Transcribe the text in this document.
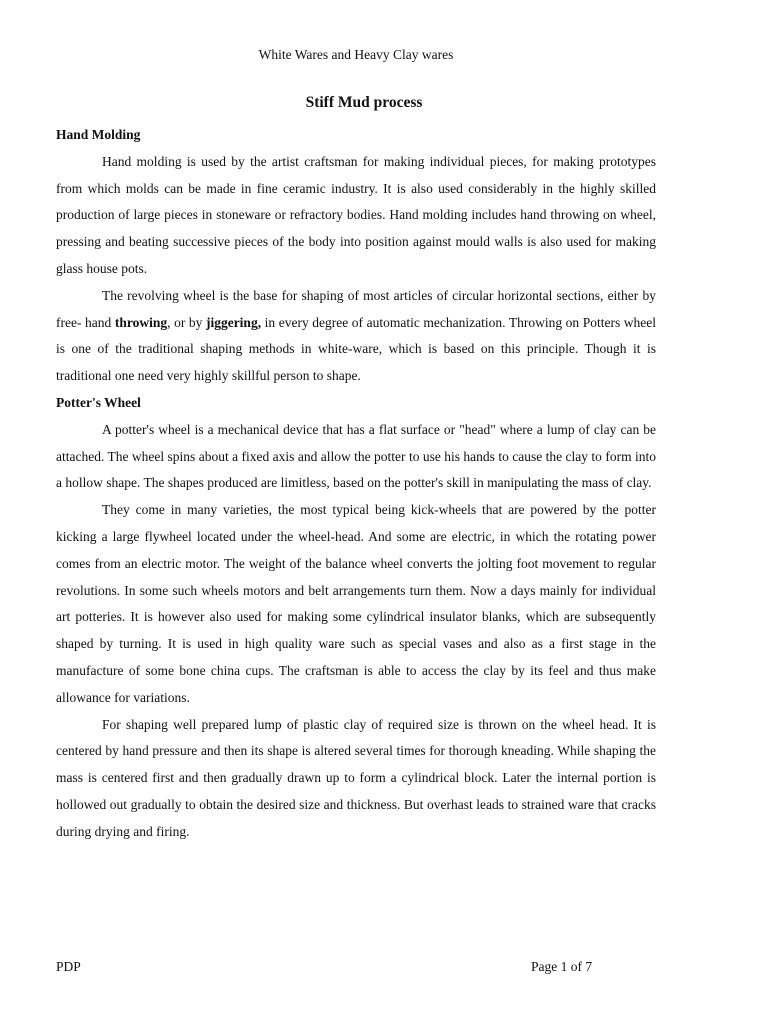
White Wares and Heavy Clay wares
Stiff Mud process
Hand Molding

Hand molding is used by the artist craftsman for making individual pieces, for making prototypes from which molds can be made in fine ceramic industry. It is also used considerably in the highly skilled production of large pieces in stoneware or refractory bodies. Hand molding includes hand throwing on wheel, pressing and beating successive pieces of the body into position against mould walls is also used for making glass house pots.

The revolving wheel is the base for shaping of most articles of circular horizontal sections, either by free- hand throwing, or by jiggering, in every degree of automatic mechanization. Throwing on Potters wheel is one of the traditional shaping methods in white-ware, which is based on this principle. Though it is traditional one need very highly skillful person to shape.

Potter's Wheel

A potter's wheel is a mechanical device that has a flat surface or "head" where a lump of clay can be attached. The wheel spins about a fixed axis and allow the potter to use his hands to cause the clay to form into a hollow shape. The shapes produced are limitless, based on the potter's skill in manipulating the mass of clay.

They come in many varieties, the most typical being kick-wheels that are powered by the potter kicking a large flywheel located under the wheel-head. And some are electric, in which the rotating power comes from an electric motor. The weight of the balance wheel converts the jolting foot movement to regular revolutions. In some such wheels motors and belt arrangements turn them. Now a days mainly for individual art potteries. It is however also used for making some cylindrical insulator blanks, which are subsequently shaped by turning. It is used in high quality ware such as special vases and also as a first stage in the manufacture of some bone china cups. The craftsman is able to access the clay by its feel and thus make allowance for variations.

For shaping well prepared lump of plastic clay of required size is thrown on the wheel head. It is centered by hand pressure and then its shape is altered several times for thorough kneading. While shaping the mass is centered first and then gradually drawn up to form a cylindrical block. Later the internal portion is hollowed out gradually to obtain the desired size and thickness. But overhast leads to strained ware that cracks during drying and firing.

PDP	Page 1 of 7
